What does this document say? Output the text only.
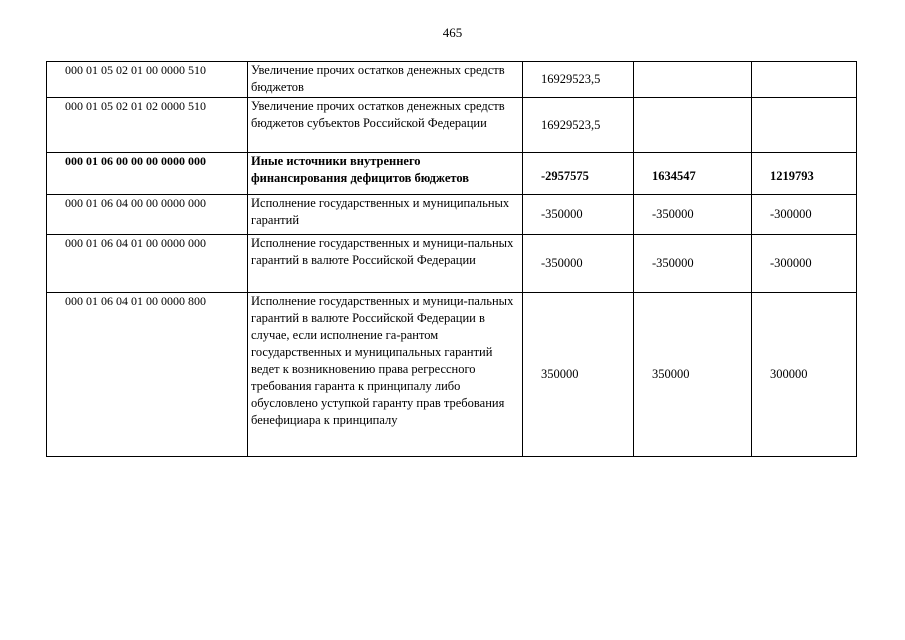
465
000 01 05 02 01 00 0000 510	Увеличение прочих остатков денежных средств бюджетов	16929523,5		
000 01 05 02 01 02 0000 510	Увеличение прочих остатков денежных средств бюджетов субъектов Российской Федерации	16929523,5		
000 01 06 00 00 00 0000 000	Иные источники внутреннего финансирования дефицитов бюджетов	-2957575	1634547	1219793
000 01 06 04 00 00 0000 000	Исполнение государственных и муниципальных гарантий	-350000	-350000	-300000
000 01 06 04 01 00 0000 000	Исполнение государственных и муници-пальных гарантий в валюте Российской Федерации	-350000	-350000	-300000
000 01 06 04 01 00 0000 800	Исполнение государственных и муници-пальных гарантий в валюте Российской Федерации в случае, если исполнение га-рантом государственных и муниципальных гарантий ведет к возникновению права регрессного требования гаранта к принципалу либо обусловлено уступкой гаранту прав требования бенефициара к принципалу	350000	350000	300000
